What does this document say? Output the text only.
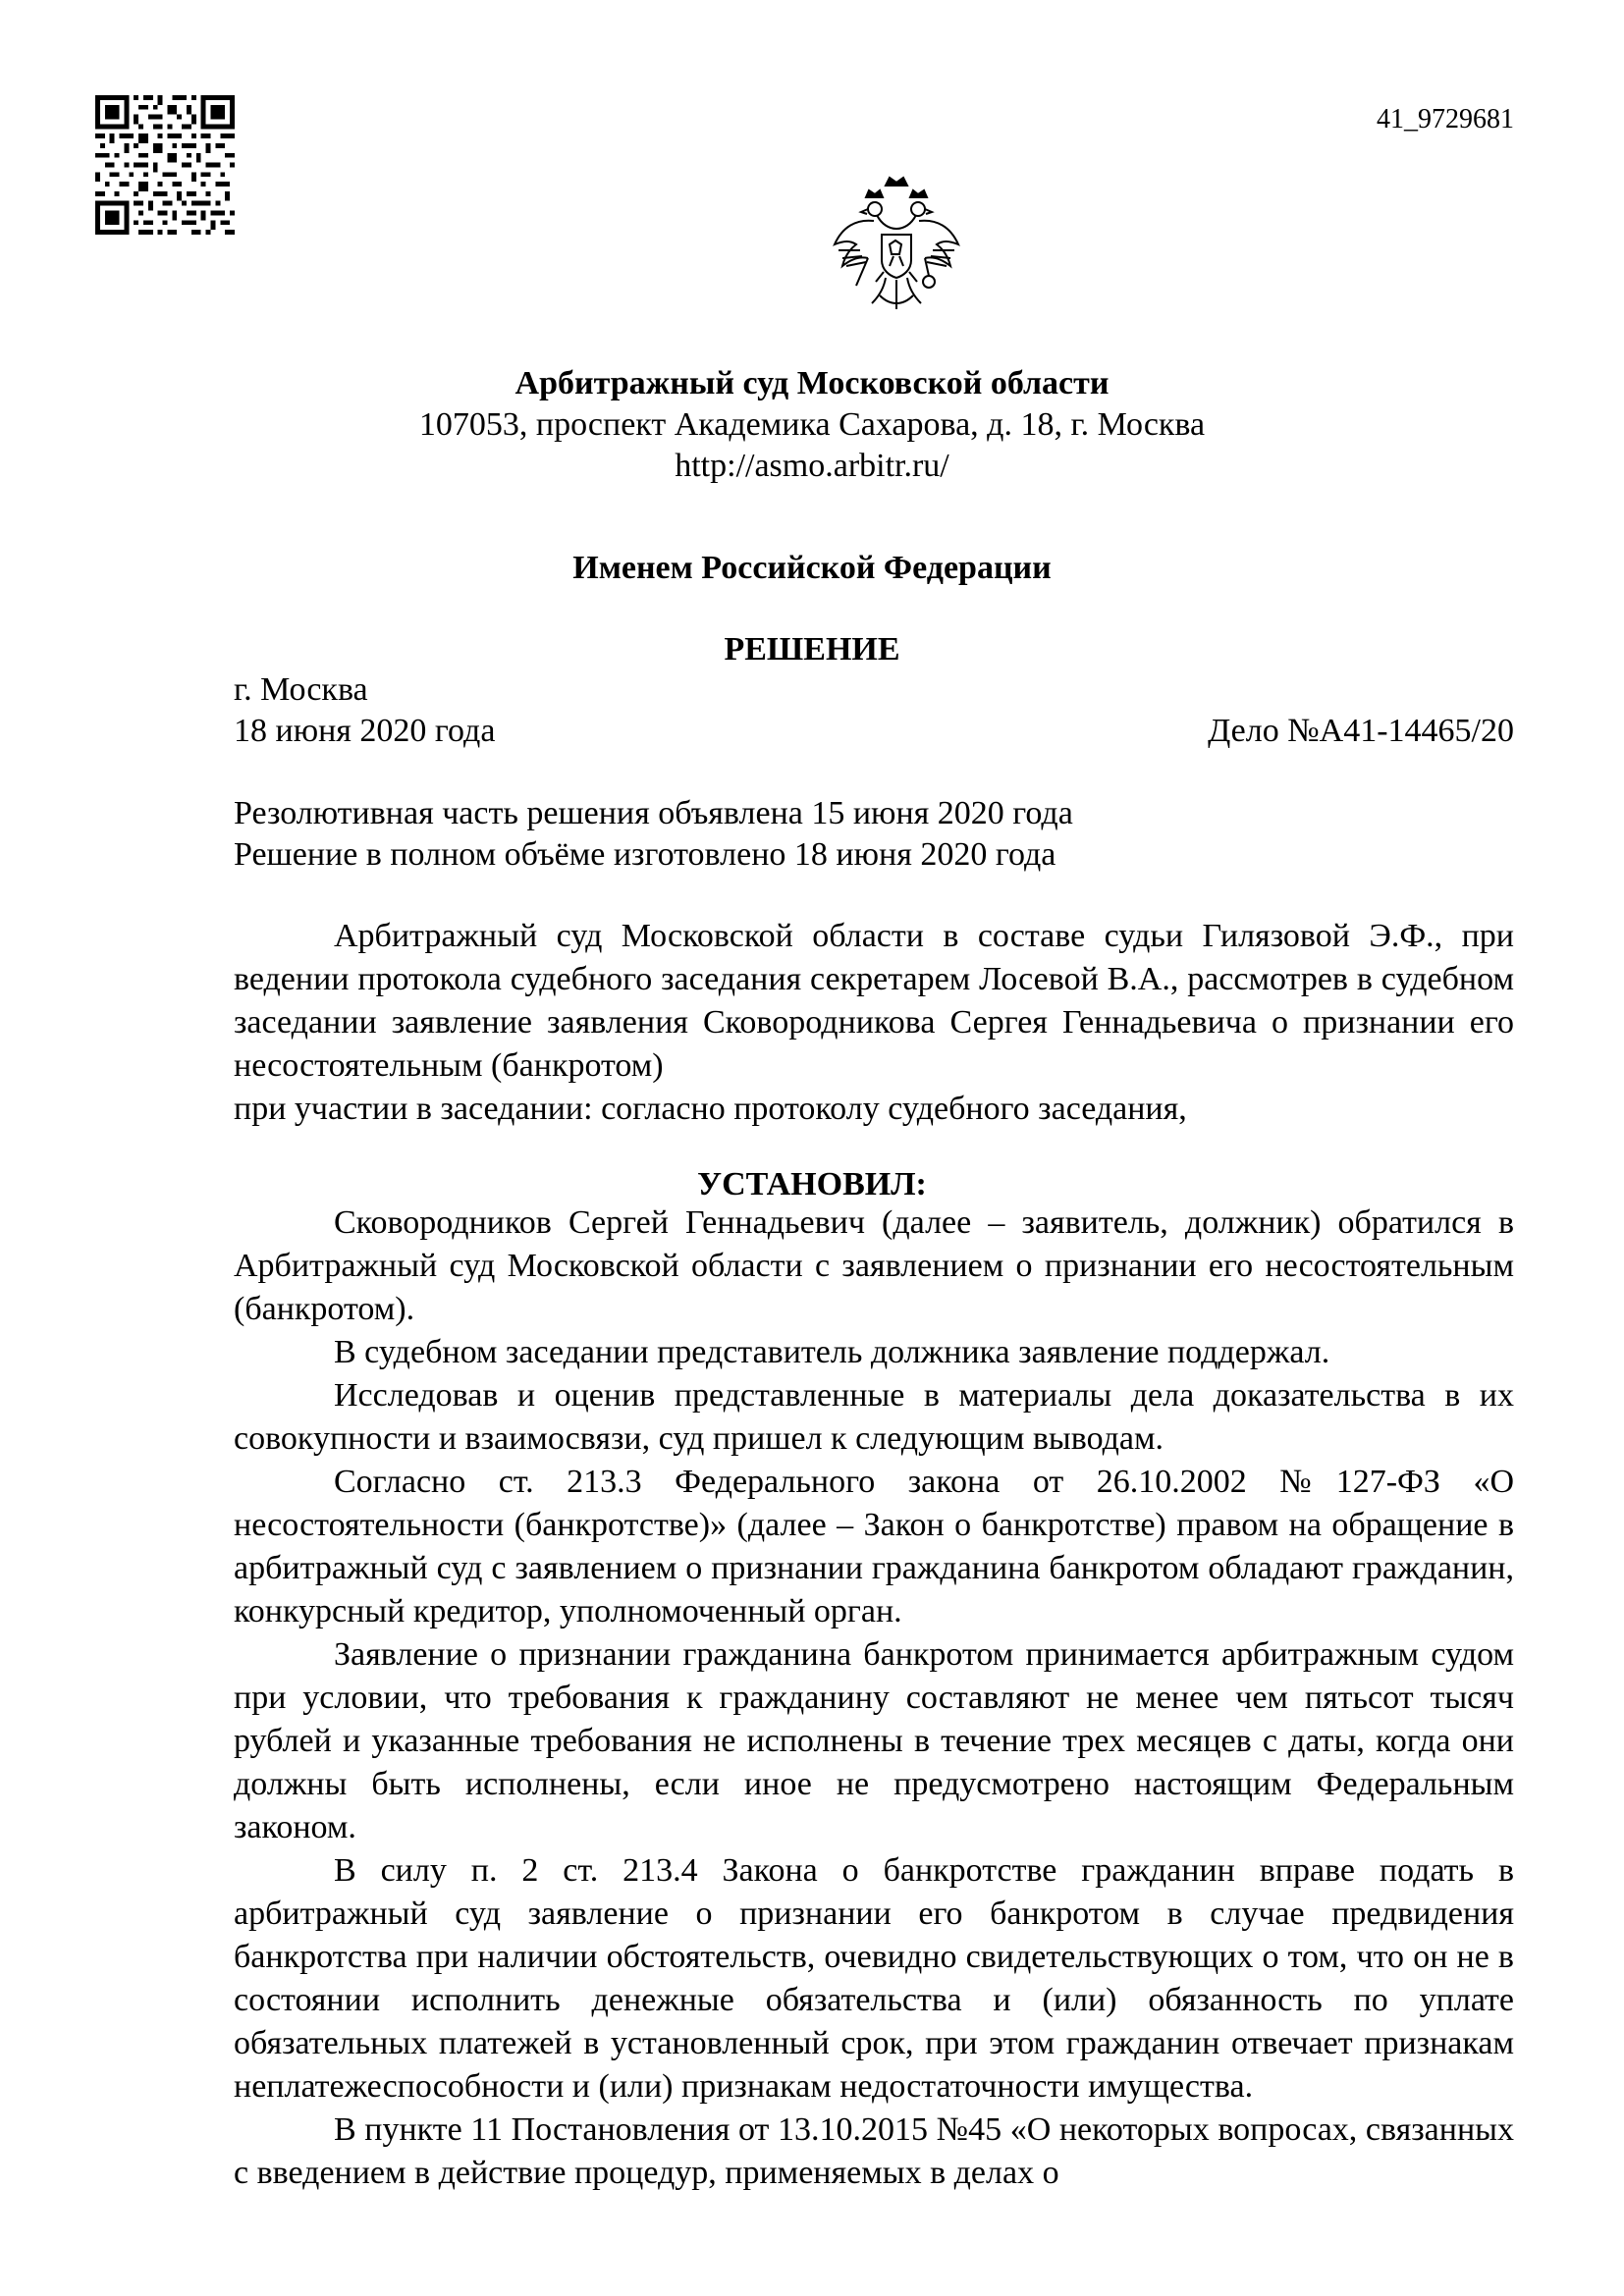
41_9729681
Арбитражный суд Московской области
107053, проспект Академика Сахарова, д. 18, г. Москва
http://asmo.arbitr.ru/
Именем Российской Федерации
РЕШЕНИЕ
г. Москва
18 июня 2020 года	Дело №А41-14465/20
Резолютивная часть решения объявлена 15 июня 2020 года
Решение в полном объёме изготовлено 18 июня 2020 года

Арбитражный суд Московской области в составе судьи Гилязовой Э.Ф., при ведении протокола судебного заседания секретарем Лосевой В.А., рассмотрев в судебном заседании заявление заявления Сковородникова Сергея Геннадьевича о признании его несостоятельным (банкротом)

при участии в заседании: согласно протоколу судебного заседания,

УСТАНОВИЛ:

Сковородников Сергей Геннадьевич (далее – заявитель, должник) обратился в Арбитражный суд Московской области с заявлением о признании его несостоятельным (банкротом).

В судебном заседании представитель должника заявление поддержал.

Исследовав и оценив представленные в материалы дела доказательства в их совокупности и взаимосвязи, суд пришел к следующим выводам.

Согласно ст. 213.3 Федерального закона от 26.10.2002 №127-ФЗ «О несостоятельности (банкротстве)» (далее – Закон о банкротстве) правом на обращение в арбитражный суд с заявлением о признании гражданина банкротом обладают гражданин, конкурсный кредитор, уполномоченный орган.

Заявление о признании гражданина банкротом принимается арбитражным судом при условии, что требования к гражданину составляют не менее чем пятьсот тысяч рублей и указанные требования не исполнены в течение трех месяцев с даты, когда они должны быть исполнены, если иное не предусмотрено настоящим Федеральным законом.

В силу п. 2 ст. 213.4 Закона о банкротстве гражданин вправе подать в арбитражный суд заявление о признании его банкротом в случае предвидения банкротства при наличии обстоятельств, очевидно свидетельствующих о том, что он не в состоянии исполнить денежные обязательства и (или) обязанность по уплате обязательных платежей в установленный срок, при этом гражданин отвечает признакам неплатежеспособности и (или) признакам недостаточности имущества.

В пункте 11 Постановления от 13.10.2015 №45 «О некоторых вопросах, связанных с введением в действие процедур, применяемых в делах о
